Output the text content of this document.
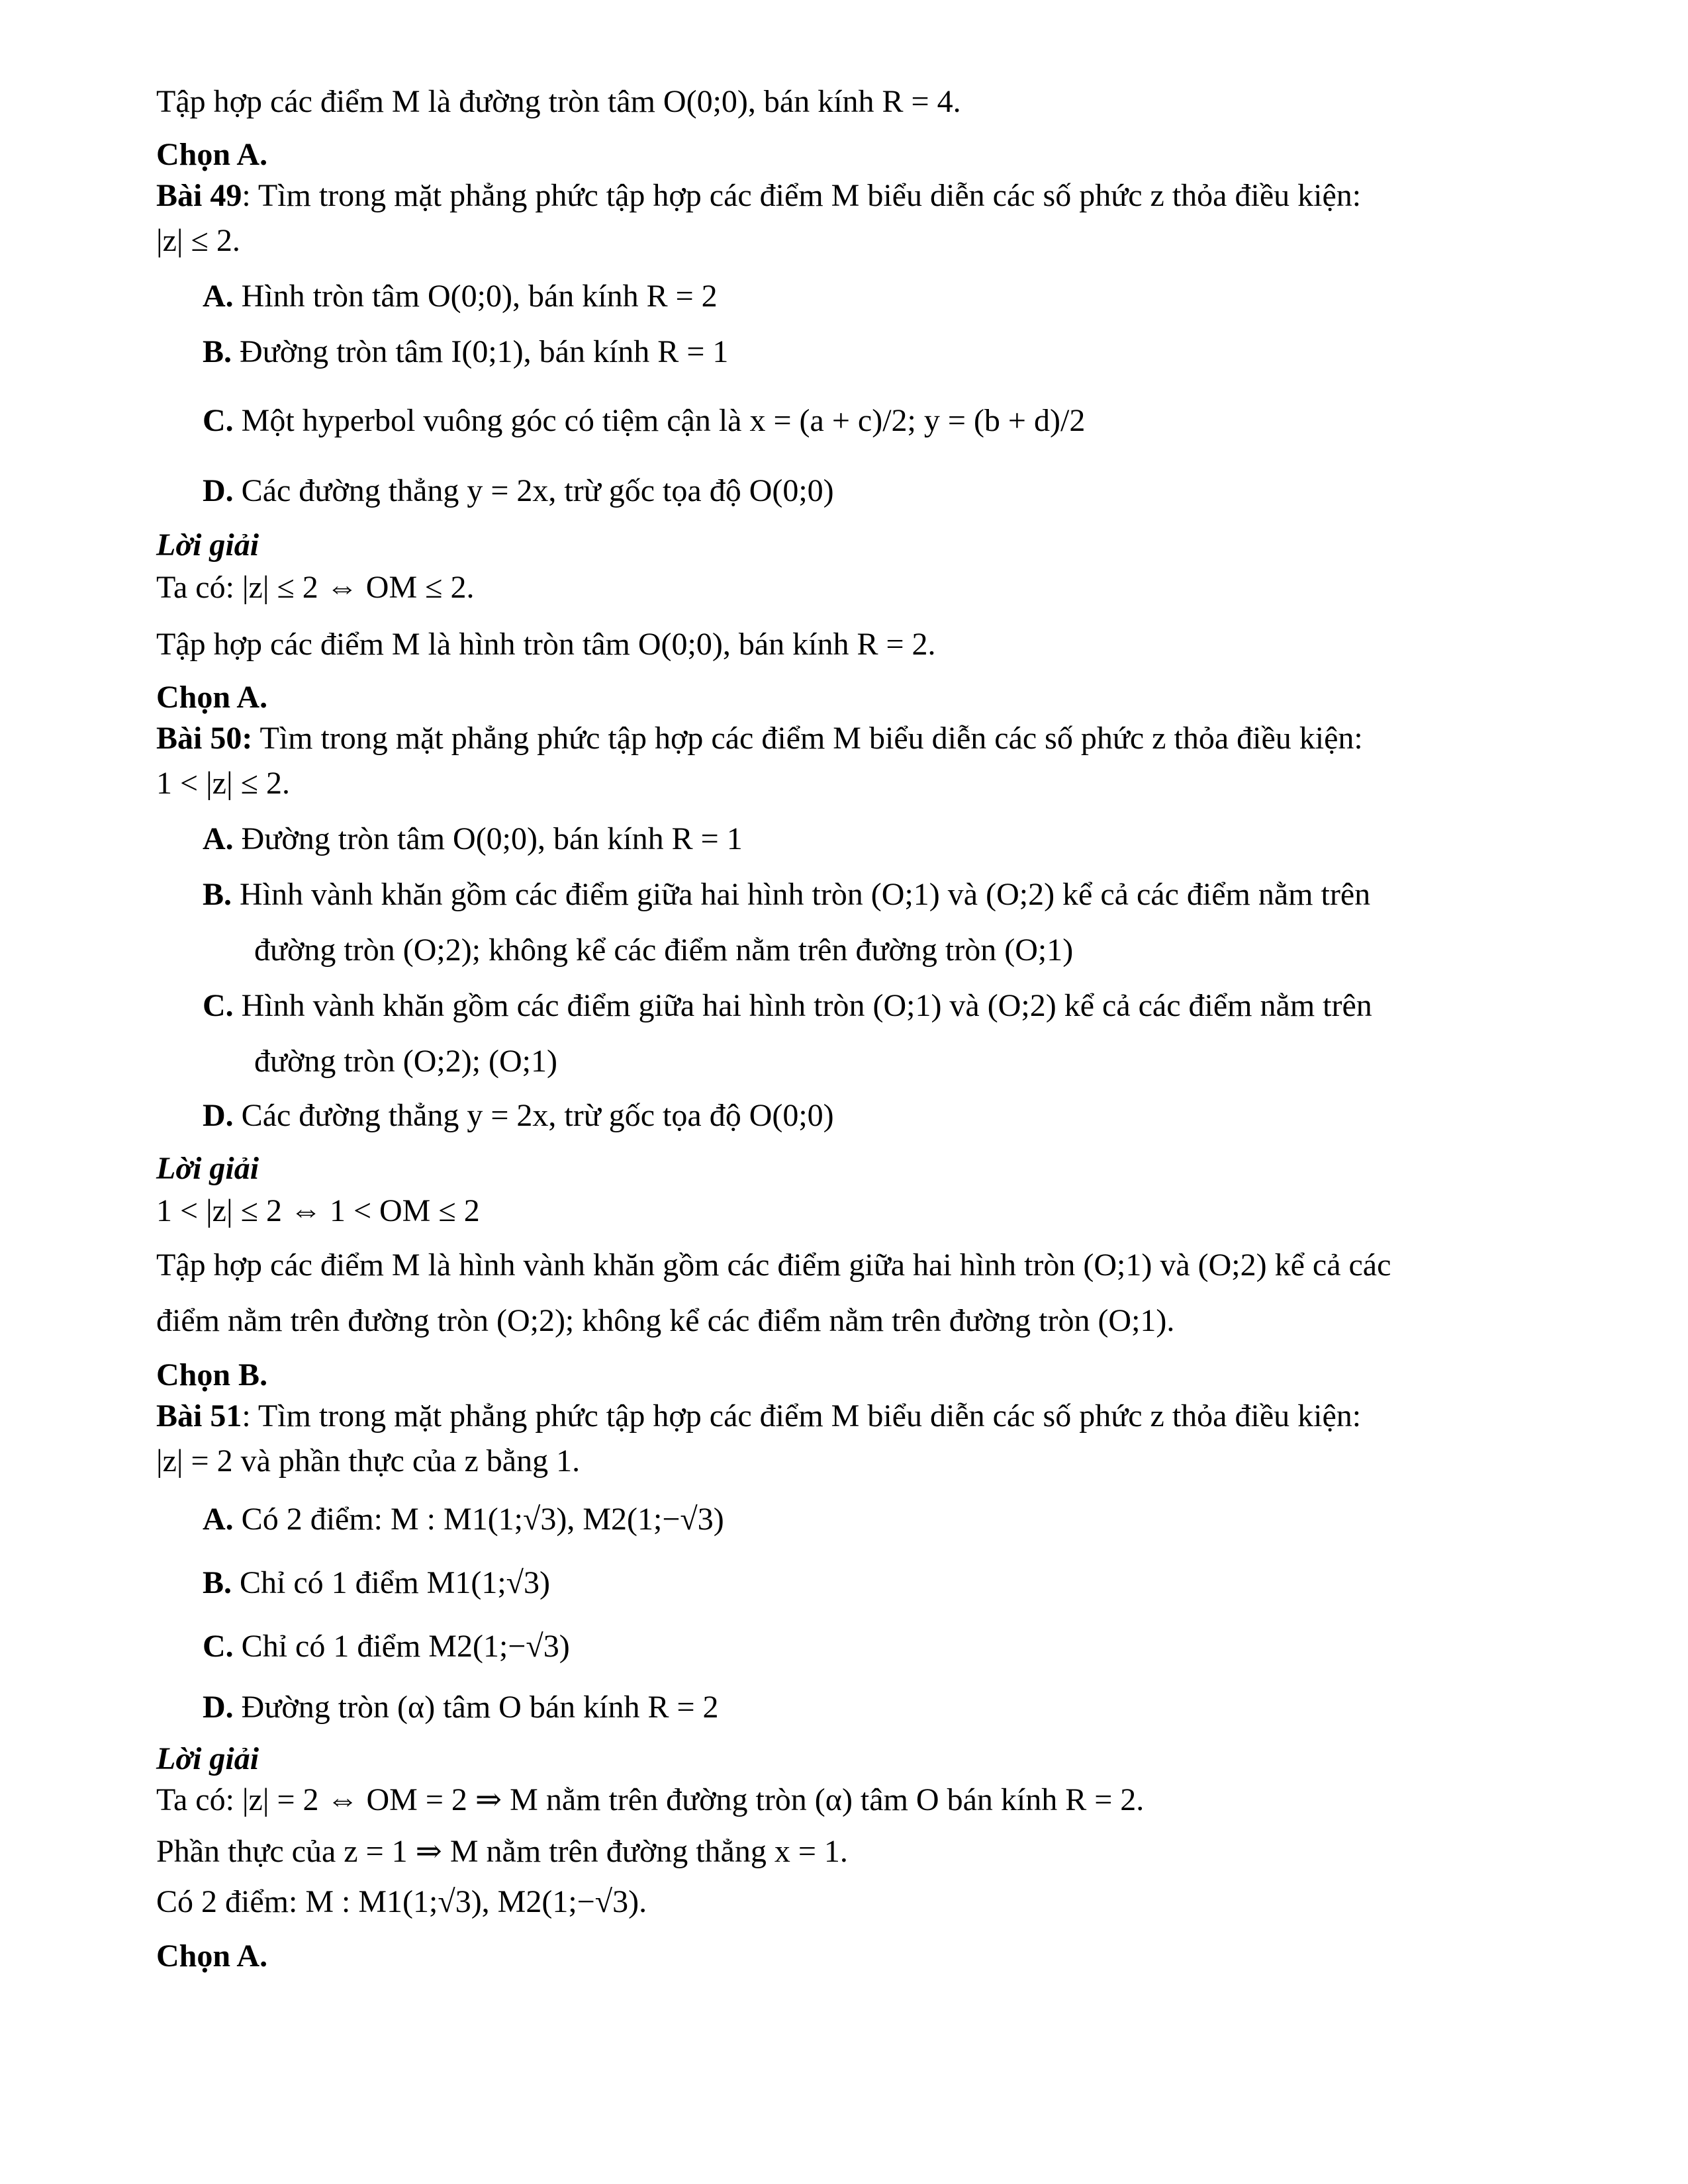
Tập hợp các điểm M là đường tròn tâm O(0;0), bán kính R = 4.
Chọn A.
Bài 49: Tìm trong mặt phẳng phức tập hợp các điểm M biểu diễn các số phức z thỏa điều kiện:
|z| ≤ 2.
A. Hình tròn tâm O(0;0), bán kính R = 2
B. Đường tròn tâm I(0;1), bán kính R = 1
C. Một hyperbol vuông góc có tiệm cận là x = (a + c)/2; y = (b + d)/2
D. Các đường thẳng y = 2x, trừ gốc tọa độ O(0;0)
Lời giải
Ta có: |z| ≤ 2 ⇔ OM ≤ 2.
Tập hợp các điểm M là hình tròn tâm O(0;0), bán kính R = 2.
Chọn A.
Bài 50: Tìm trong mặt phẳng phức tập hợp các điểm M biểu diễn các số phức z thỏa điều kiện:
1 < |z| ≤ 2.
A. Đường tròn tâm O(0;0), bán kính R = 1
B. Hình vành khăn gồm các điểm giữa hai hình tròn (O;1) và (O;2) kể cả các điểm nằm trên
đường tròn (O;2); không kể các điểm nằm trên đường tròn (O;1)
C. Hình vành khăn gồm các điểm giữa hai hình tròn (O;1) và (O;2) kể cả các điểm nằm trên
đường tròn (O;2); (O;1)
D. Các đường thẳng y = 2x, trừ gốc tọa độ O(0;0)
Lời giải
1 < |z| ≤ 2 ⇔ 1 < OM ≤ 2
Tập hợp các điểm M là hình vành khăn gồm các điểm giữa hai hình tròn (O;1) và (O;2) kể cả các
điểm nằm trên đường tròn (O;2); không kể các điểm nằm trên đường tròn (O;1).
Chọn B.
Bài 51: Tìm trong mặt phẳng phức tập hợp các điểm M biểu diễn các số phức z thỏa điều kiện:
|z| = 2 và phần thực của z bằng 1.
A. Có 2 điểm: M : M1(1;√3), M2(1;−√3)
B. Chỉ có 1 điểm M1(1;√3)
C. Chỉ có 1 điểm M2(1;−√3)
D. Đường tròn (α) tâm O bán kính R = 2
Lời giải
Ta có: |z| = 2 ⇔ OM = 2 ⇒ M nằm trên đường tròn (α) tâm O bán kính R = 2.
Phần thực của z = 1 ⇒ M nằm trên đường thẳng x = 1.
Có 2 điểm: M : M1(1;√3), M2(1;−√3).
Chọn A.
